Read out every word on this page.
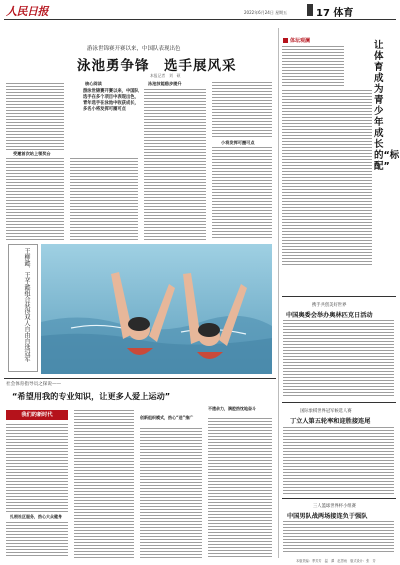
人民日报	2022年6月24日 星期五	17 体育
游泳世锦赛开赛以来，中国队表现出色
泳池勇争锋　选手展风采
本报记者　刘　硕
受邀首次站上领奖台
核心阅读
游泳世锦赛开赛以来，中国队选手在多个项目中表现出色，青年选手在泳池中收获成长，多名小将发挥可圈可点
泳池技能稳步提升
小将发挥可圈可点
体坛观澜	让体育成为青少年成长的“标配”
王柳懿、王芊懿组合获得双人自由自选冠军	携手共创美好世界
中国奥委会举办奥林匹克日活动
国际象棋世界冠军候选人赛
丁立人第五轮率和迎胜接连尾
三人篮球世界杯小组赛
中国男队战两场接连负于强队
社会体育指导员之探说——
“希望用我的专业知识，让更多人爱上运动”
我们的新时代
扎根社区服务，热心大众健身
创新组织模式，热心“送”推广
不遗余力，满腔热忱地奋斗
本版责编：季芳芳　温　潭　赵思雨　版式设计：张　芳
